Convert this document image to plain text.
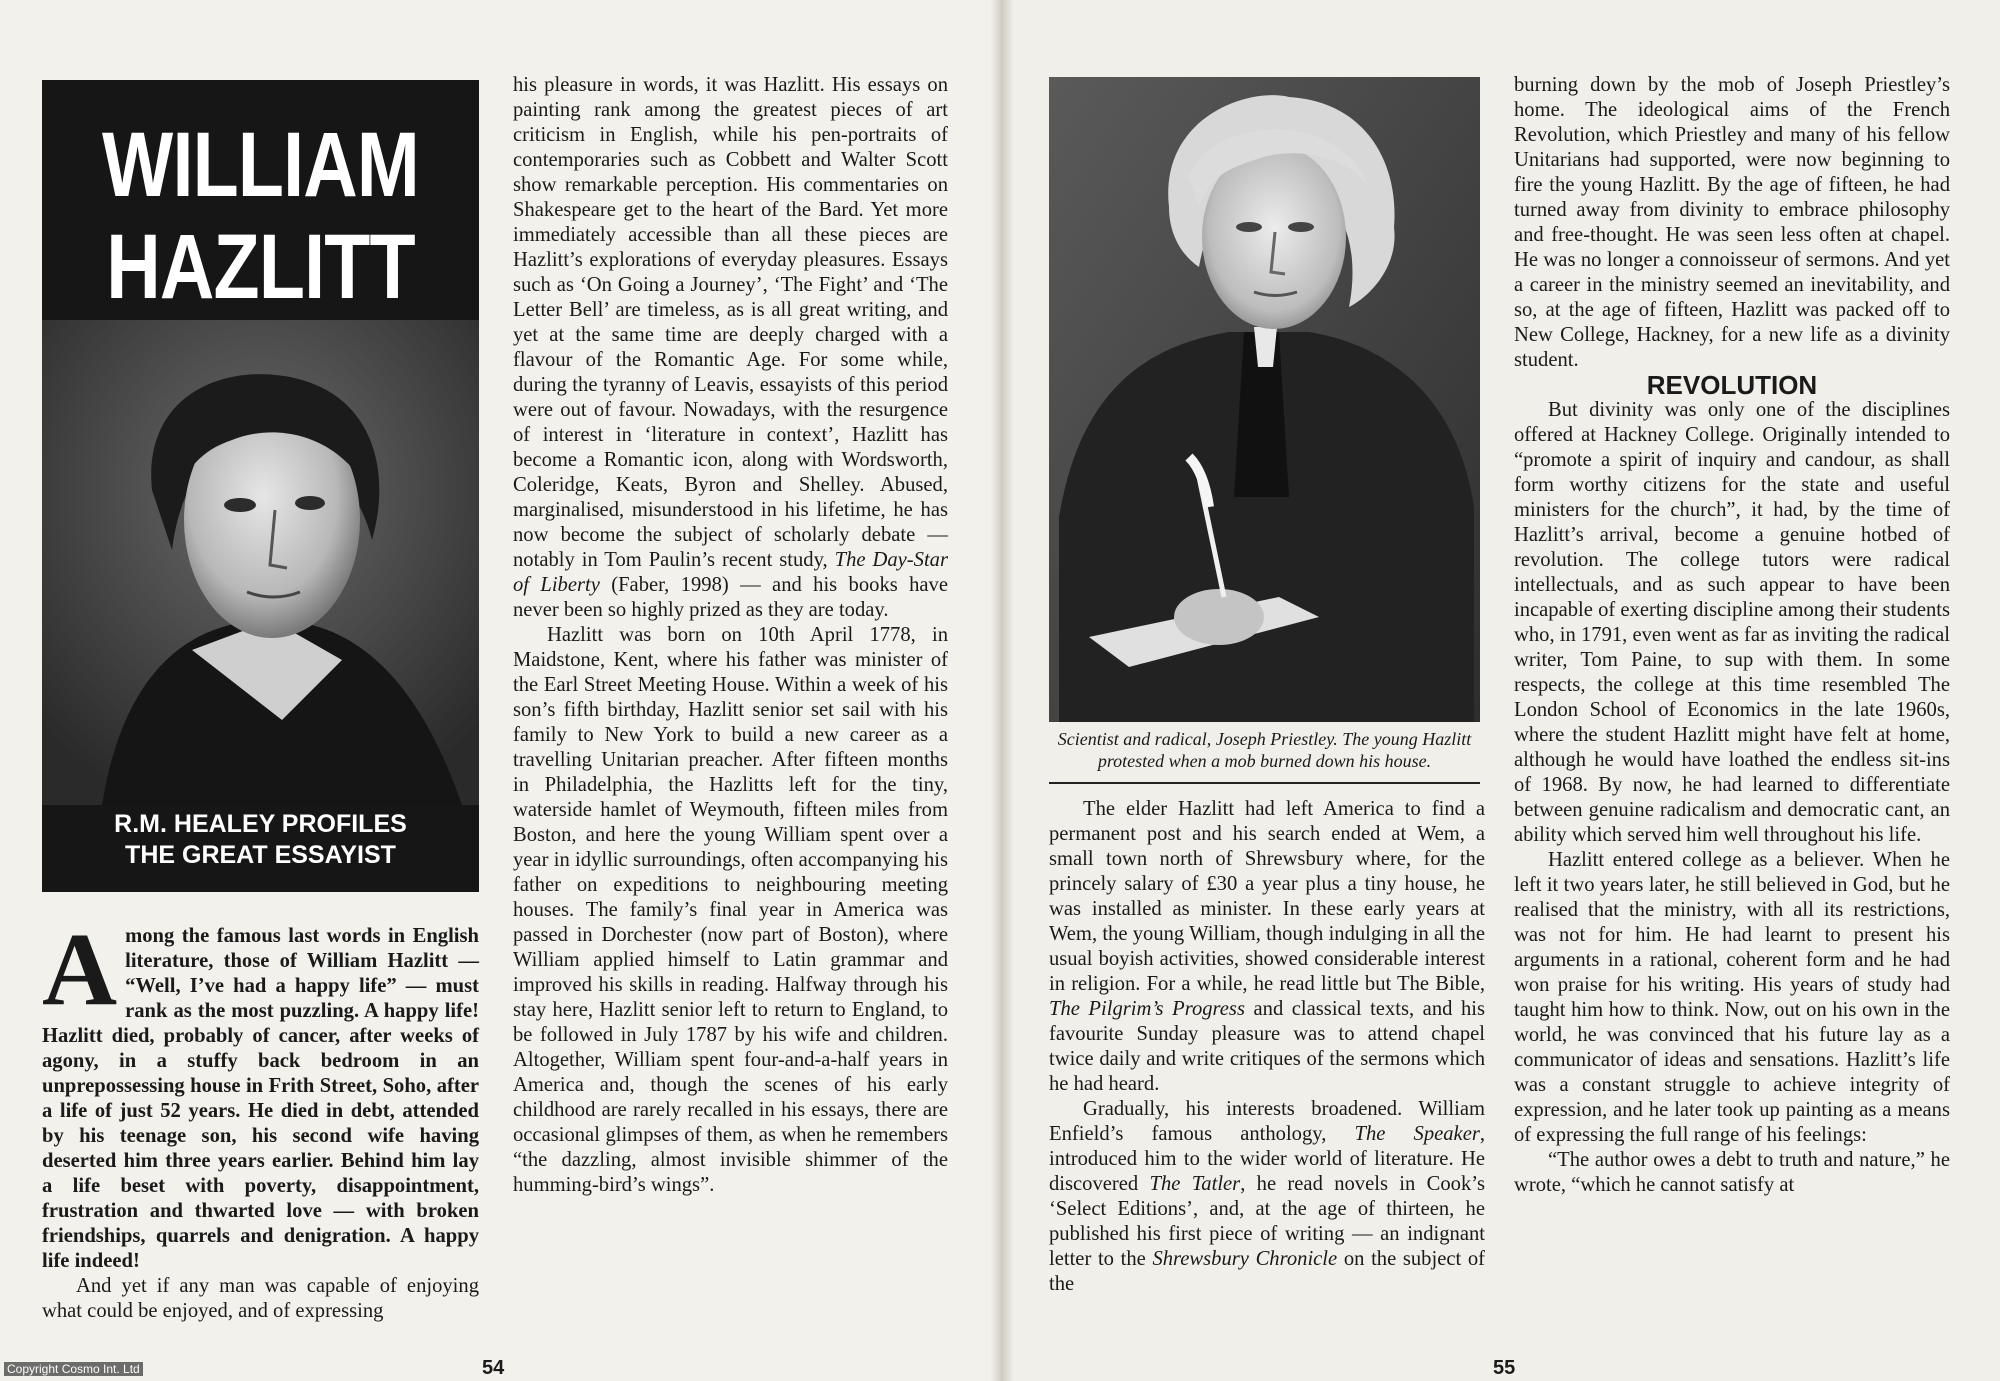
WILLIAM
HAZLITT
R.M. HEALEY PROFILES
THE GREAT ESSAYIST

Among the famous last words in English literature, those of William Hazlitt — “Well, I’ve had a happy life” — must rank as the most puzzling. A happy life! Hazlitt died, probably of cancer, after weeks of agony, in a stuffy back bedroom in an unprepossessing house in Frith Street, Soho, after a life of just 52 years. He died in debt, attended by his teenage son, his second wife having deserted him three years earlier. Behind him lay a life beset with poverty, disappointment, frustration and thwarted love — with broken friendships, quarrels and denigration. A happy life indeed!

And yet if any man was capable of enjoying what could be enjoyed, and of expressing

his pleasure in words, it was Hazlitt. His essays on painting rank among the greatest pieces of art criticism in English, while his pen-portraits of contemporaries such as Cobbett and Walter Scott show remarkable perception. His commentaries on Shakespeare get to the heart of the Bard. Yet more immediately accessible than all these pieces are Hazlitt’s explorations of everyday pleasures. Essays such as ‘On Going a Journey’, ‘The Fight’ and ‘The Letter Bell’ are timeless, as is all great writing, and yet at the same time are deeply charged with a flavour of the Romantic Age. For some while, during the tyranny of Leavis, essayists of this period were out of favour. Nowadays, with the resurgence of interest in ‘literature in context’, Hazlitt has become a Romantic icon, along with Wordsworth, Coleridge, Keats, Byron and Shelley. Abused, marginalised, misunderstood in his lifetime, he has now become the subject of scholarly debate — notably in Tom Paulin’s recent study, The Day-Star of Liberty (Faber, 1998) — and his books have never been so highly prized as they are today.

Hazlitt was born on 10th April 1778, in Maidstone, Kent, where his father was minister of the Earl Street Meeting House. Within a week of his son’s fifth birthday, Hazlitt senior set sail with his family to New York to build a new career as a travelling Unitarian preacher. After fifteen months in Philadelphia, the Hazlitts left for the tiny, waterside hamlet of Weymouth, fifteen miles from Boston, and here the young William spent over a year in idyllic surroundings, often accompanying his father on expeditions to neighbouring meeting houses. The family’s final year in America was passed in Dorchester (now part of Boston), where William applied himself to Latin grammar and improved his skills in reading. Halfway through his stay here, Hazlitt senior left to return to England, to be followed in July 1787 by his wife and children. Altogether, William spent four-and-a-half years in America and, though the scenes of his early childhood are rarely recalled in his essays, there are occasional glimpses of them, as when he remembers “the dazzling, almost invisible shimmer of the humming-bird’s wings”.

54
Copyright Cosmo Int. Ltd
Scientist and radical, Joseph Priestley. The young Hazlitt protested when a mob burned down his house.

The elder Hazlitt had left America to find a permanent post and his search ended at Wem, a small town north of Shrewsbury where, for the princely salary of £30 a year plus a tiny house, he was installed as minister. In these early years at Wem, the young William, though indulging in all the usual boyish activities, showed considerable interest in religion. For a while, he read little but The Bible, The Pilgrim’s Progress and classical texts, and his favourite Sunday pleasure was to attend chapel twice daily and write critiques of the sermons which he had heard.

Gradually, his interests broadened. William Enfield’s famous anthology, The Speaker, introduced him to the wider world of literature. He discovered The Tatler, he read novels in Cook’s ‘Select Editions’, and, at the age of thirteen, he published his first piece of writing — an indignant letter to the Shrewsbury Chronicle on the subject of the

burning down by the mob of Joseph Priestley’s home. The ideological aims of the French Revolution, which Priestley and many of his fellow Unitarians had supported, were now beginning to fire the young Hazlitt. By the age of fifteen, he had turned away from divinity to embrace philosophy and free-thought. He was seen less often at chapel. He was no longer a connoisseur of sermons. And yet a career in the ministry seemed an inevitability, and so, at the age of fifteen, Hazlitt was packed off to New College, Hackney, for a new life as a divinity student.

REVOLUTION

But divinity was only one of the disciplines offered at Hackney College. Originally intended to “promote a spirit of inquiry and candour, as shall form worthy citizens for the state and useful ministers for the church”, it had, by the time of Hazlitt’s arrival, become a genuine hotbed of revolution. The college tutors were radical intellectuals, and as such appear to have been incapable of exerting discipline among their students who, in 1791, even went as far as inviting the radical writer, Tom Paine, to sup with them. In some respects, the college at this time resembled The London School of Economics in the late 1960s, where the student Hazlitt might have felt at home, although he would have loathed the endless sit-ins of 1968. By now, he had learned to differentiate between genuine radicalism and democratic cant, an ability which served him well throughout his life.

Hazlitt entered college as a believer. When he left it two years later, he still believed in God, but he realised that the ministry, with all its restrictions, was not for him. He had learnt to present his arguments in a rational, coherent form and he had won praise for his writing. His years of study had taught him how to think. Now, out on his own in the world, he was convinced that his future lay as a communicator of ideas and sensations. Hazlitt’s life was a constant struggle to achieve integrity of expression, and he later took up painting as a means of expressing the full range of his feelings:

“The author owes a debt to truth and nature,” he wrote, “which he cannot satisfy at

55
